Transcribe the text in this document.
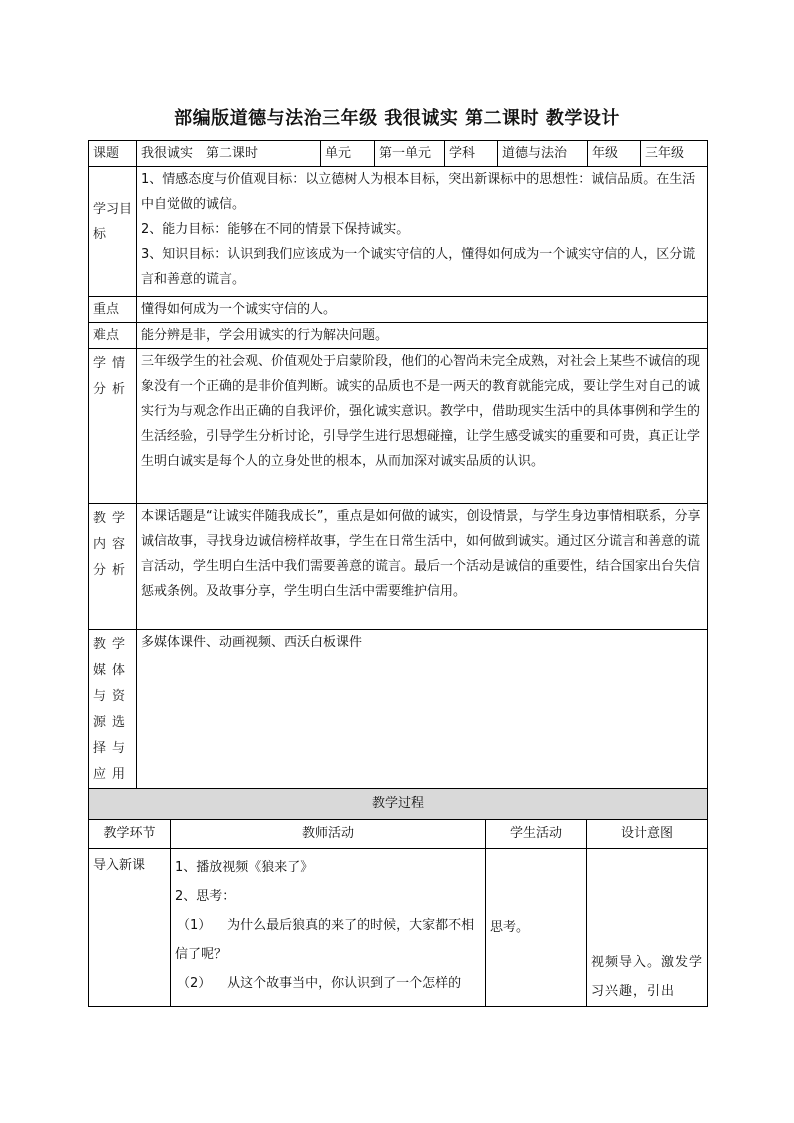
部编版道德与法治三年级 我很诚实 第二课时 教学设计
课题	我很诚实　第二课时	单元	第一单元	学科	道德与法治	年级	三年级
学习目标	1、情感态度与价值观目标：以立德树人为根本目标，突出新课标中的思想性：诚信品质。在生活中自觉做的诚信。
2、能力目标：能够在不同的情景下保持诚实。
3、知识目标：认识到我们应该成为一个诚实守信的人，懂得如何成为一个诚实守信的人，区分谎言和善意的谎言。						

重点	懂得如何成为一个诚实守信的人。						
难点	能分辨是非，学会用诚实的行为解决问题。						
学情分析	三年级学生的社会观、价值观处于启蒙阶段，他们的心智尚未完全成熟，对社会上某些不诚信的现象没有一个正确的是非价值判断。诚实的品质也不是一两天的教育就能完成，要让学生对自己的诚实行为与观念作出正确的自我评价，强化诚实意识。教学中，借助现实生活中的具体事例和学生的生活经验，引导学生分析讨论，引导学生进行思想碰撞，让学生感受诚实的重要和可贵，真正让学生明白诚实是每个人的立身处世的根本，从而加深对诚实品质的认识。						
教学内容分析	本课话题是“让诚实伴随我成长”，重点是如何做的诚实，创设情景，与学生身边事情相联系，分享诚信故事，寻找身边诚信榜样故事，学生在日常生活中，如何做到诚实。通过区分谎言和善意的谎言活动，学生明白生活中我们需要善意的谎言。最后一个活动是诚信的重要性，结合国家出台失信惩戒条例。及故事分享，学生明白生活中需要维护信用。						
教学媒体与资源选择与应用	多媒体课件、动画视频、西沃白板课件						
教学过程			
教学环节	教师活动	学生活动	设计意图
导入新课	1、播放视频《狼来了》
2、思考：
（1） 为什么最后狼真的来了的时候，大家都不相信了呢？
（2） 从这个故事当中，你认识到了一个怎样的	思考。	视频导入。激发学习兴趣，引出
